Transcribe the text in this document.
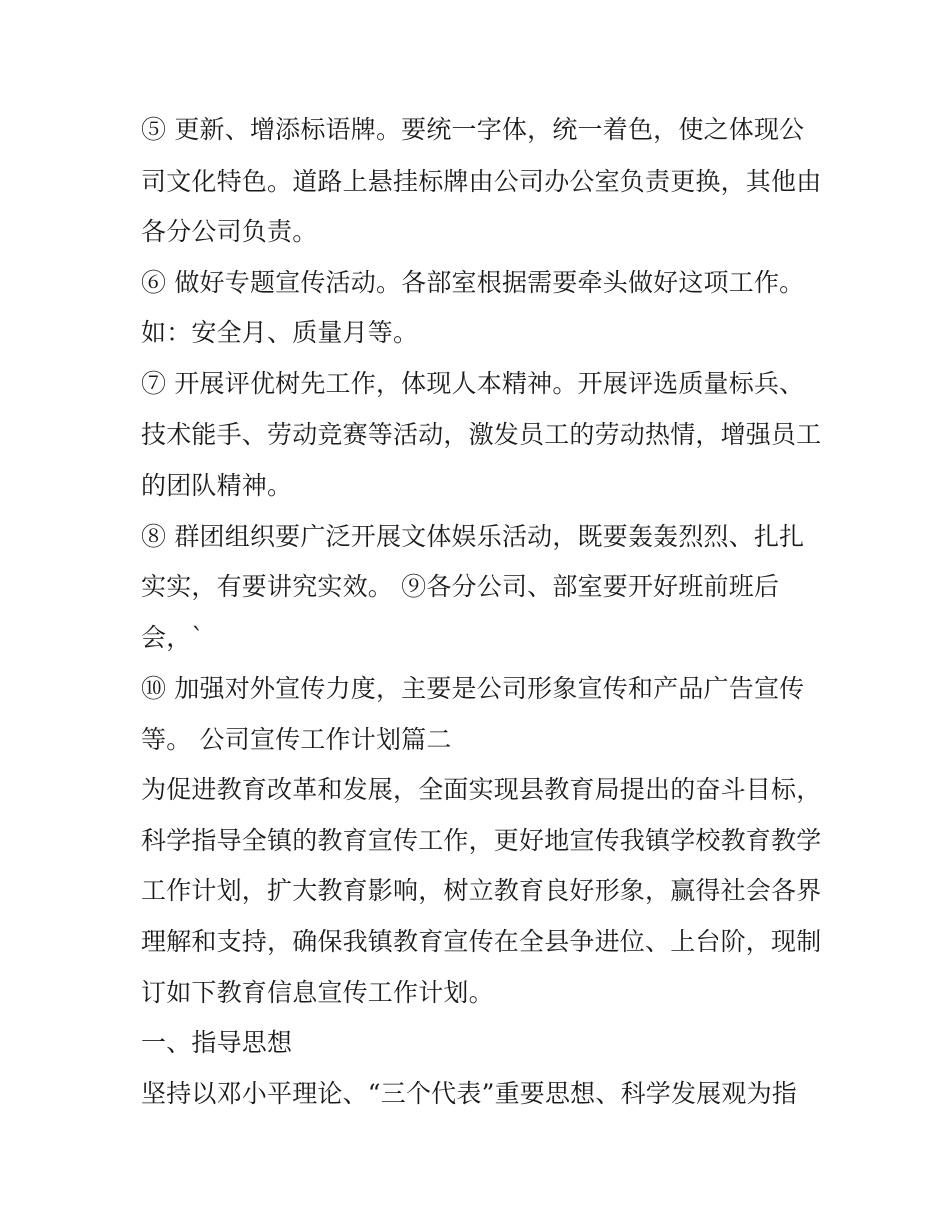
⑤ 更新、增添标语牌。要统一字体，统一着色，使之体现公
司文化特色。道路上悬挂标牌由公司办公室负责更换，其他由
各分公司负责。
⑥ 做好专题宣传活动。各部室根据需要牵头做好这项工作。
如：安全月、质量月等。
⑦ 开展评优树先工作，体现人本精神。开展评选质量标兵、
技术能手、劳动竞赛等活动，激发员工的劳动热情，增强员工
的团队精神。
⑧ 群团组织要广泛开展文体娱乐活动，既要轰轰烈烈、扎扎
实实，有要讲究实效。 ⑨各分公司、部室要开好班前班后
会，`
⑩ 加强对外宣传力度，主要是公司形象宣传和产品广告宣传
等。 公司宣传工作计划篇二
为促进教育改革和发展，全面实现县教育局提出的奋斗目标，
科学指导全镇的教育宣传工作，更好地宣传我镇学校教育教学
工作计划，扩大教育影响，树立教育良好形象，赢得社会各界
理解和支持，确保我镇教育宣传在全县争进位、上台阶，现制
订如下教育信息宣传工作计划。
一、指导思想
坚持以邓小平理论、“三个代表”重要思想、科学发展观为指
